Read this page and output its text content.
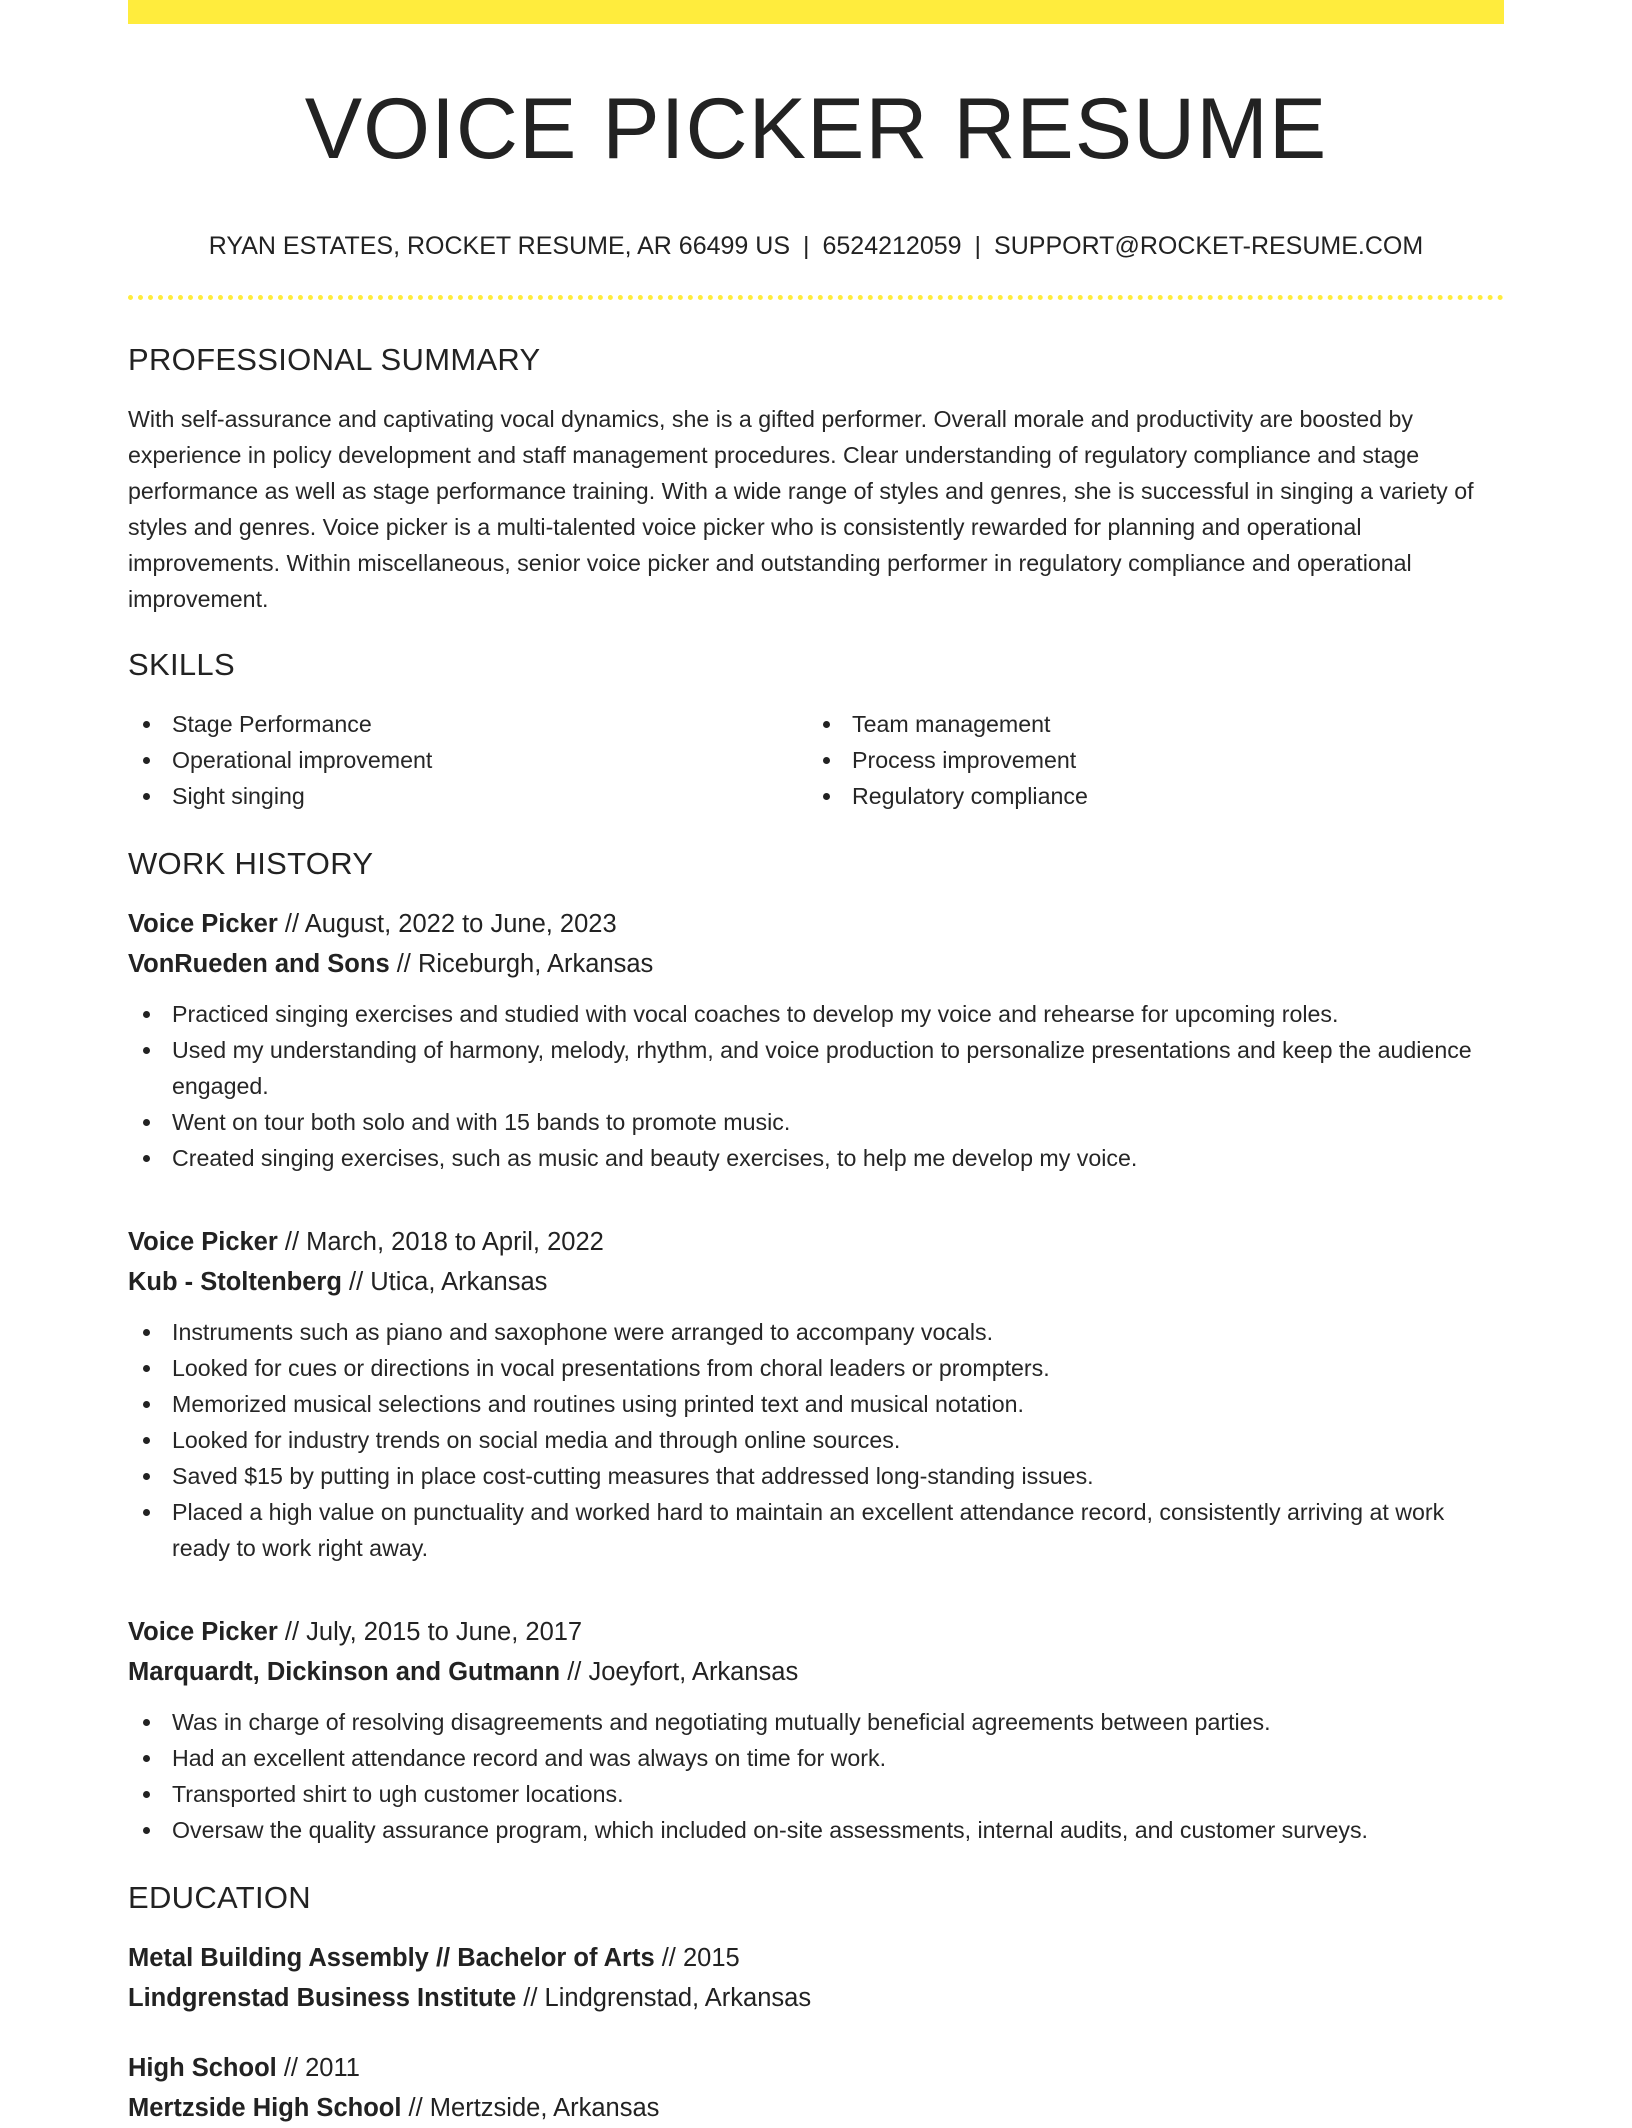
VOICE PICKER RESUME
RYAN ESTATES, ROCKET RESUME, AR 66499 US | 6524212059 | SUPPORT@ROCKET-RESUME.COM
PROFESSIONAL SUMMARY

With self-assurance and captivating vocal dynamics, she is a gifted performer. Overall morale and productivity are boosted by experience in policy development and staff management procedures. Clear understanding of regulatory compliance and stage performance as well as stage performance training. With a wide range of styles and genres, she is successful in singing a variety of styles and genres. Voice picker is a multi-talented voice picker who is consistently rewarded for planning and operational improvements. Within miscellaneous, senior voice picker and outstanding performer in regulatory compliance and operational improvement.

SKILLS
Stage Performance
Operational improvement
Sight singing
Team management
Process improvement
Regulatory compliance
WORK HISTORY
Voice Picker // August, 2022 to June, 2023
VonRueden and Sons // Riceburgh, Arkansas
Practiced singing exercises and studied with vocal coaches to develop my voice and rehearse for upcoming roles.
Used my understanding of harmony, melody, rhythm, and voice production to personalize presentations and keep the audience engaged.
Went on tour both solo and with 15 bands to promote music.
Created singing exercises, such as music and beauty exercises, to help me develop my voice.
Voice Picker // March, 2018 to April, 2022
Kub - Stoltenberg // Utica, Arkansas
Instruments such as piano and saxophone were arranged to accompany vocals.
Looked for cues or directions in vocal presentations from choral leaders or prompters.
Memorized musical selections and routines using printed text and musical notation.
Looked for industry trends on social media and through online sources.
Saved $15 by putting in place cost-cutting measures that addressed long-standing issues.
Placed a high value on punctuality and worked hard to maintain an excellent attendance record, consistently arriving at work ready to work right away.
Voice Picker // July, 2015 to June, 2017
Marquardt, Dickinson and Gutmann // Joeyfort, Arkansas
Was in charge of resolving disagreements and negotiating mutually beneficial agreements between parties.
Had an excellent attendance record and was always on time for work.
Transported shirt to ugh customer locations.
Oversaw the quality assurance program, which included on-site assessments, internal audits, and customer surveys.
EDUCATION
Metal Building Assembly // Bachelor of Arts // 2015
Lindgrenstad Business Institute // Lindgrenstad, Arkansas
High School // 2011
Mertzside High School // Mertzside, Arkansas
